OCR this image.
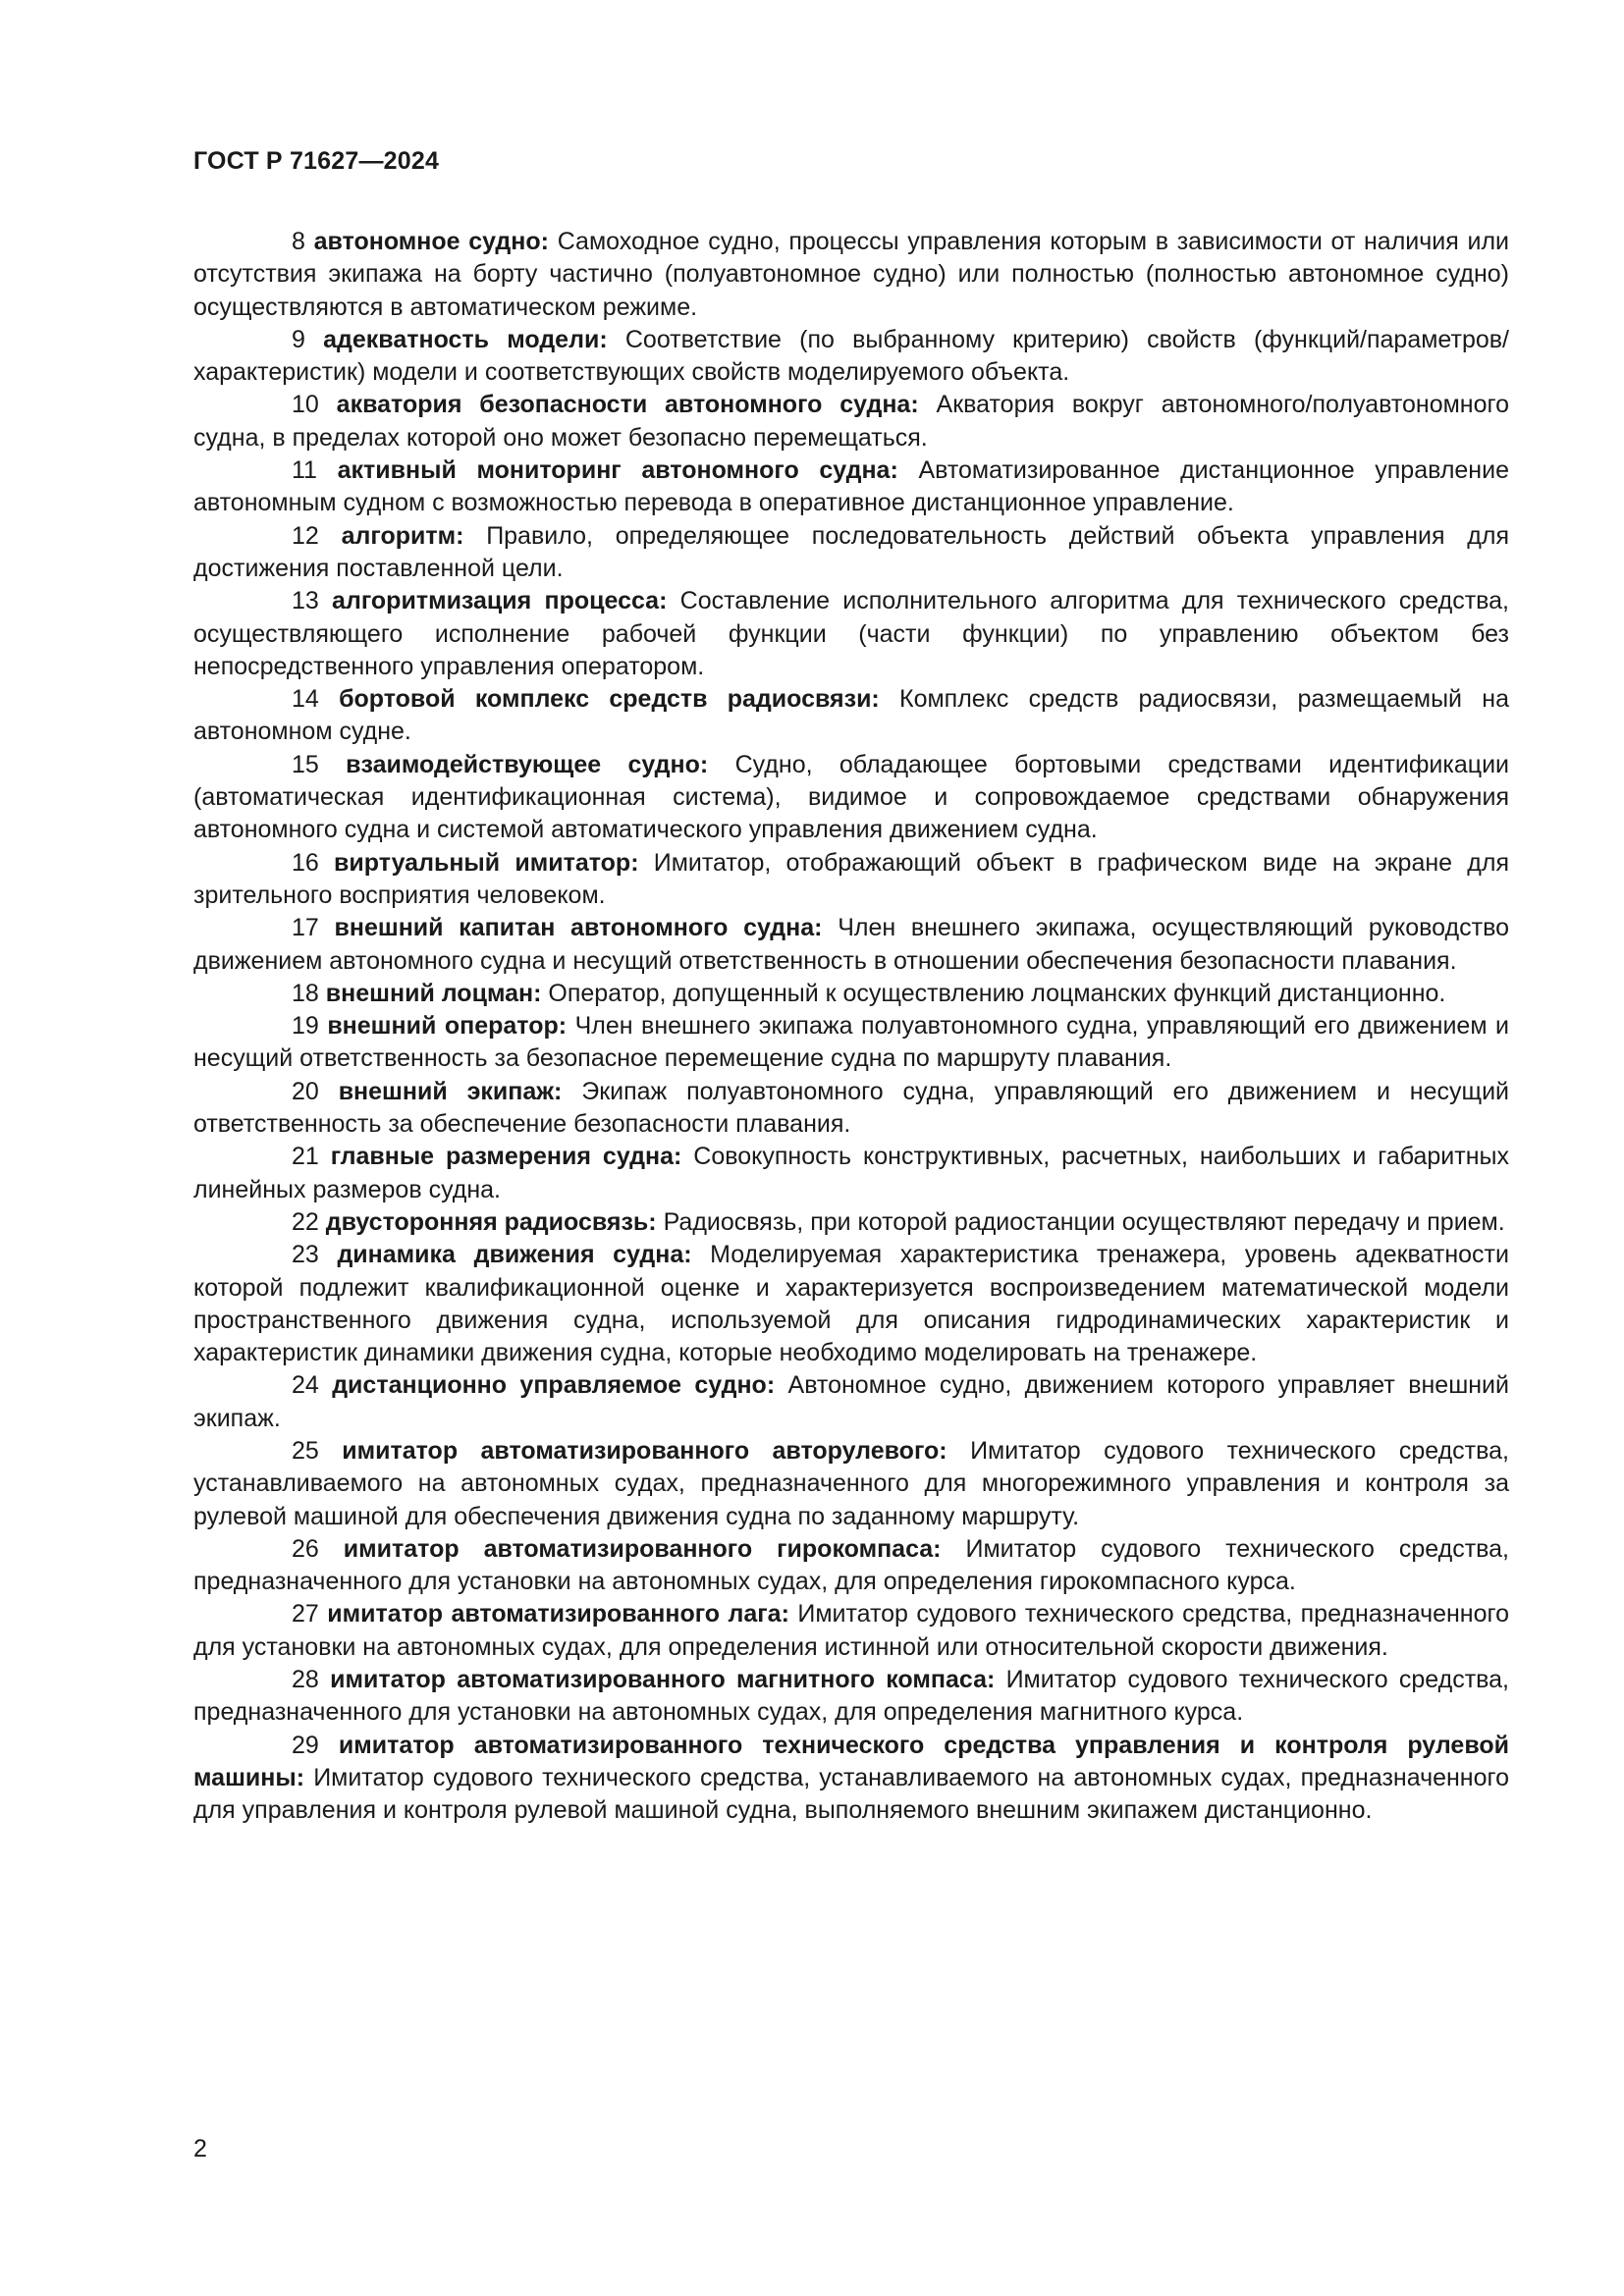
ГОСТ Р 71627—2024

8 автономное судно: Самоходное судно, процессы управления которым в зависимости от наличия или отсутствия экипажа на борту частично (полуавтономное судно) или полностью (полностью автономное судно) осуществляются в автоматическом режиме.

9 адекватность модели: Соответствие (по выбранному критерию) свойств (функций/параметров/характеристик) модели и соответствующих свойств моделируемого объекта.

10 акватория безопасности автономного судна: Акватория вокруг автономного/полуавтономного судна, в пределах которой оно может безопасно перемещаться.

11 активный мониторинг автономного судна: Автоматизированное дистанционное управление автономным судном с возможностью перевода в оперативное дистанционное управление.

12 алгоритм: Правило, определяющее последовательность действий объекта управления для достижения поставленной цели.

13 алгоритмизация процесса: Составление исполнительного алгоритма для технического средства, осуществляющего исполнение рабочей функции (части функции) по управлению объектом без непосредственного управления оператором.

14 бортовой комплекс средств радиосвязи: Комплекс средств радиосвязи, размещаемый на автономном судне.

15 взаимодействующее судно: Судно, обладающее бортовыми средствами идентификации (автоматическая идентификационная система), видимое и сопровождаемое средствами обнаружения автономного судна и системой автоматического управления движением судна.

16 виртуальный имитатор: Имитатор, отображающий объект в графическом виде на экране для зрительного восприятия человеком.

17 внешний капитан автономного судна: Член внешнего экипажа, осуществляющий руководство движением автономного судна и несущий ответственность в отношении обеспечения безопасности плавания.

18 внешний лоцман: Оператор, допущенный к осуществлению лоцманских функций дистанционно.

19 внешний оператор: Член внешнего экипажа полуавтономного судна, управляющий его движением и несущий ответственность за безопасное перемещение судна по маршруту плавания.

20 внешний экипаж: Экипаж полуавтономного судна, управляющий его движением и несущий ответственность за обеспечение безопасности плавания.

21 главные размерения судна: Совокупность конструктивных, расчетных, наибольших и габаритных линейных размеров судна.

22 двусторонняя радиосвязь: Радиосвязь, при которой радиостанции осуществляют передачу и прием.

23 динамика движения судна: Моделируемая характеристика тренажера, уровень адекватности которой подлежит квалификационной оценке и характеризуется воспроизведением математической модели пространственного движения судна, используемой для описания гидродинамических характеристик и характеристик динамики движения судна, которые необходимо моделировать на тренажере.

24 дистанционно управляемое судно: Автономное судно, движением которого управляет внешний экипаж.

25 имитатор автоматизированного авторулевого: Имитатор судового технического средства, устанавливаемого на автономных судах, предназначенного для многорежимного управления и контроля за рулевой машиной для обеспечения движения судна по заданному маршруту.

26 имитатор автоматизированного гирокомпаса: Имитатор судового технического средства, предназначенного для установки на автономных судах, для определения гирокомпасного курса.

27 имитатор автоматизированного лага: Имитатор судового технического средства, предназначенного для установки на автономных судах, для определения истинной или относительной скорости движения.

28 имитатор автоматизированного магнитного компаса: Имитатор судового технического средства, предназначенного для установки на автономных судах, для определения магнитного курса.

29 имитатор автоматизированного технического средства управления и контроля рулевой машины: Имитатор судового технического средства, устанавливаемого на автономных судах, предназначенного для управления и контроля рулевой машиной судна, выполняемого внешним экипажем дистанционно.

2
